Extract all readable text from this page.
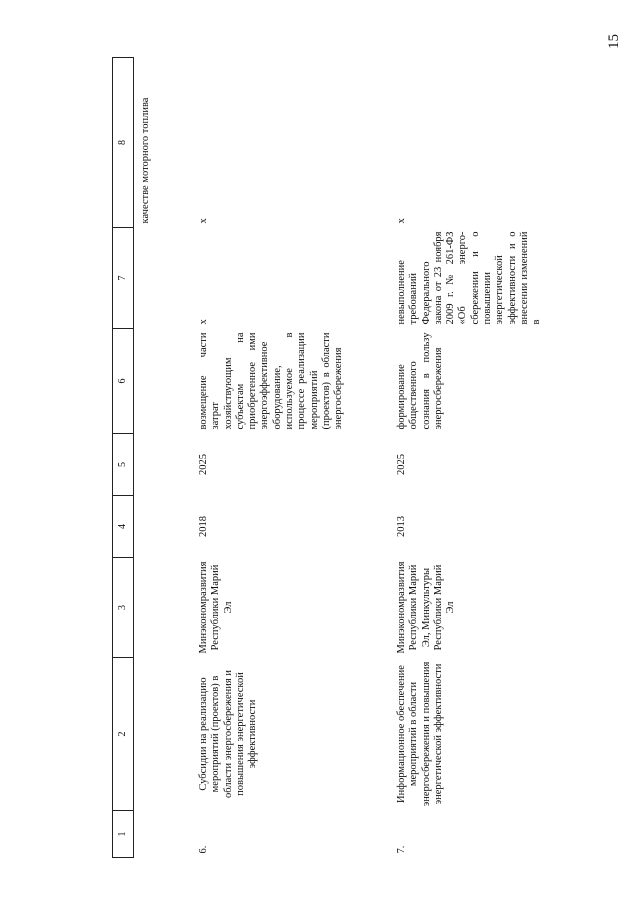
15
1	2	3	4	5	6	7	8
							качестве моторного топлива
6.	Субсидии на реализацию мероприятий (проектов) в области энергосбережения и повышения энергетической эффективности	Минэкономразвития Республики Марий Эл	2018	2025	возмещение части затрат хозяйствующим субъектам на приобретенное ими энергоэффективное оборудование, используемое в процессе реализации мероприятий (проектов) в области энергосбережения	х	х
7.	Информационное обеспечение мероприятий в области энергосбережения и повышения энергетической эффективности	Минэкономразвития Республики Марий Эл, Минкультуры Республики Марий Эл	2013	2025	формирование общественного сознания в пользу энергосбережения	невыполнение требований Федерального закона от 23 ноября 2009 г. № 261-ФЗ «Об энерго-сбережении и о повышении энергетической эффективности и о внесении изменений в	х
